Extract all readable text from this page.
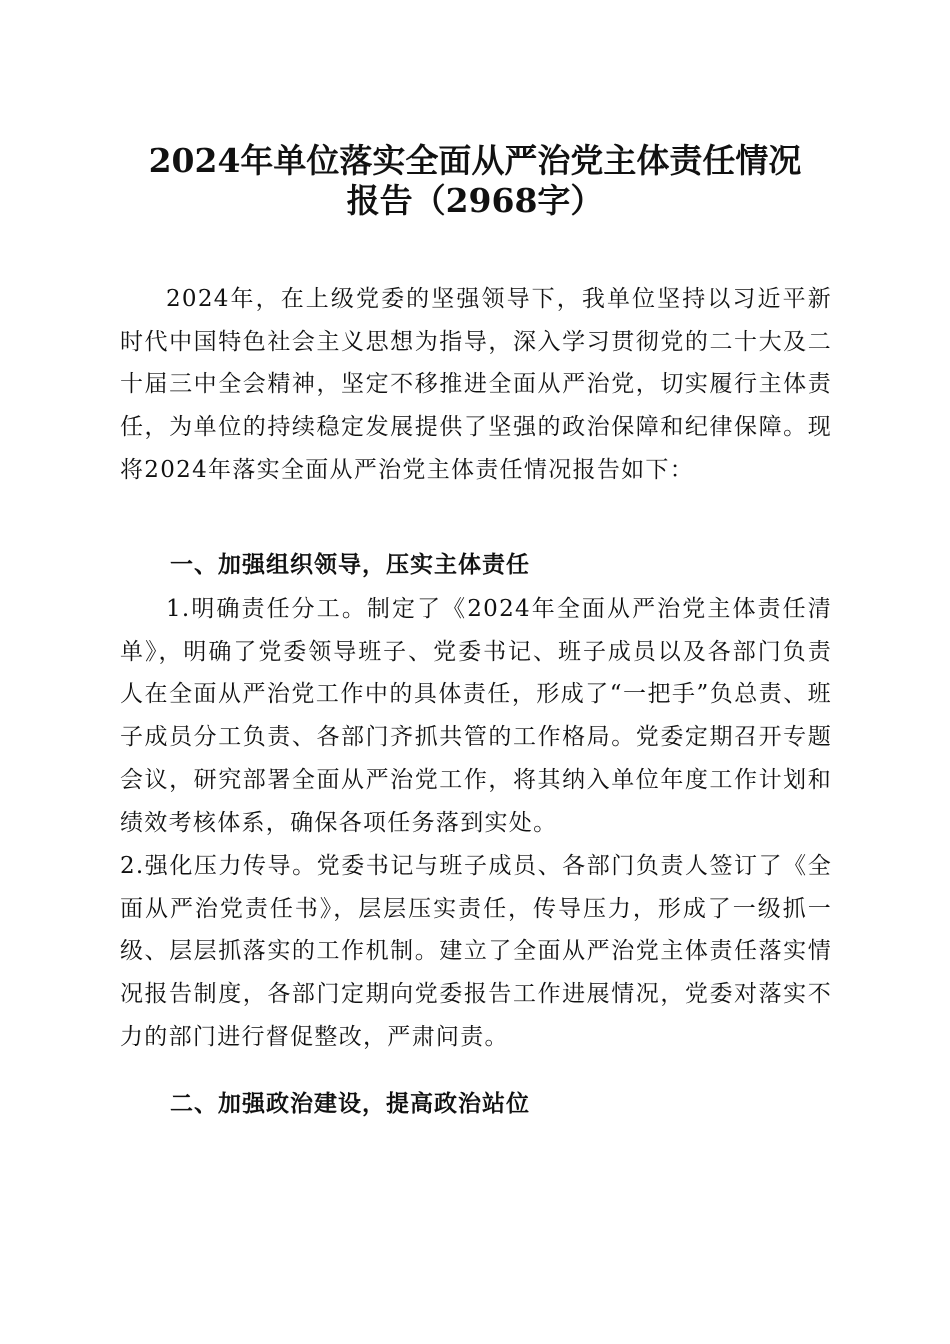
2024年单位落实全面从严治党主体责任情况
报告（2968字）

2024年，在上级党委的坚强领导下，我单位坚持以习近平新时代中国特色社会主义思想为指导，深入学习贯彻党的二十大及二十届三中全会精神，坚定不移推进全面从严治党，切实履行主体责任，为单位的持续稳定发展提供了坚强的政治保障和纪律保障。现将2024年落实全面从严治党主体责任情况报告如下：

一、加强组织领导，压实主体责任

1.明确责任分工。制定了《2024年全面从严治党主体责任清单》，明确了党委领导班子、党委书记、班子成员以及各部门负责人在全面从严治党工作中的具体责任，形成了“一把手”负总责、班子成员分工负责、各部门齐抓共管的工作格局。党委定期召开专题会议，研究部署全面从严治党工作，将其纳入单位年度工作计划和绩效考核体系，确保各项任务落到实处。

2.强化压力传导。党委书记与班子成员、各部门负责人签订了《全面从严治党责任书》，层层压实责任，传导压力，形成了一级抓一级、层层抓落实的工作机制。建立了全面从严治党主体责任落实情况报告制度，各部门定期向党委报告工作进展情况，党委对落实不力的部门进行督促整改，严肃问责。

二、加强政治建设，提高政治站位
